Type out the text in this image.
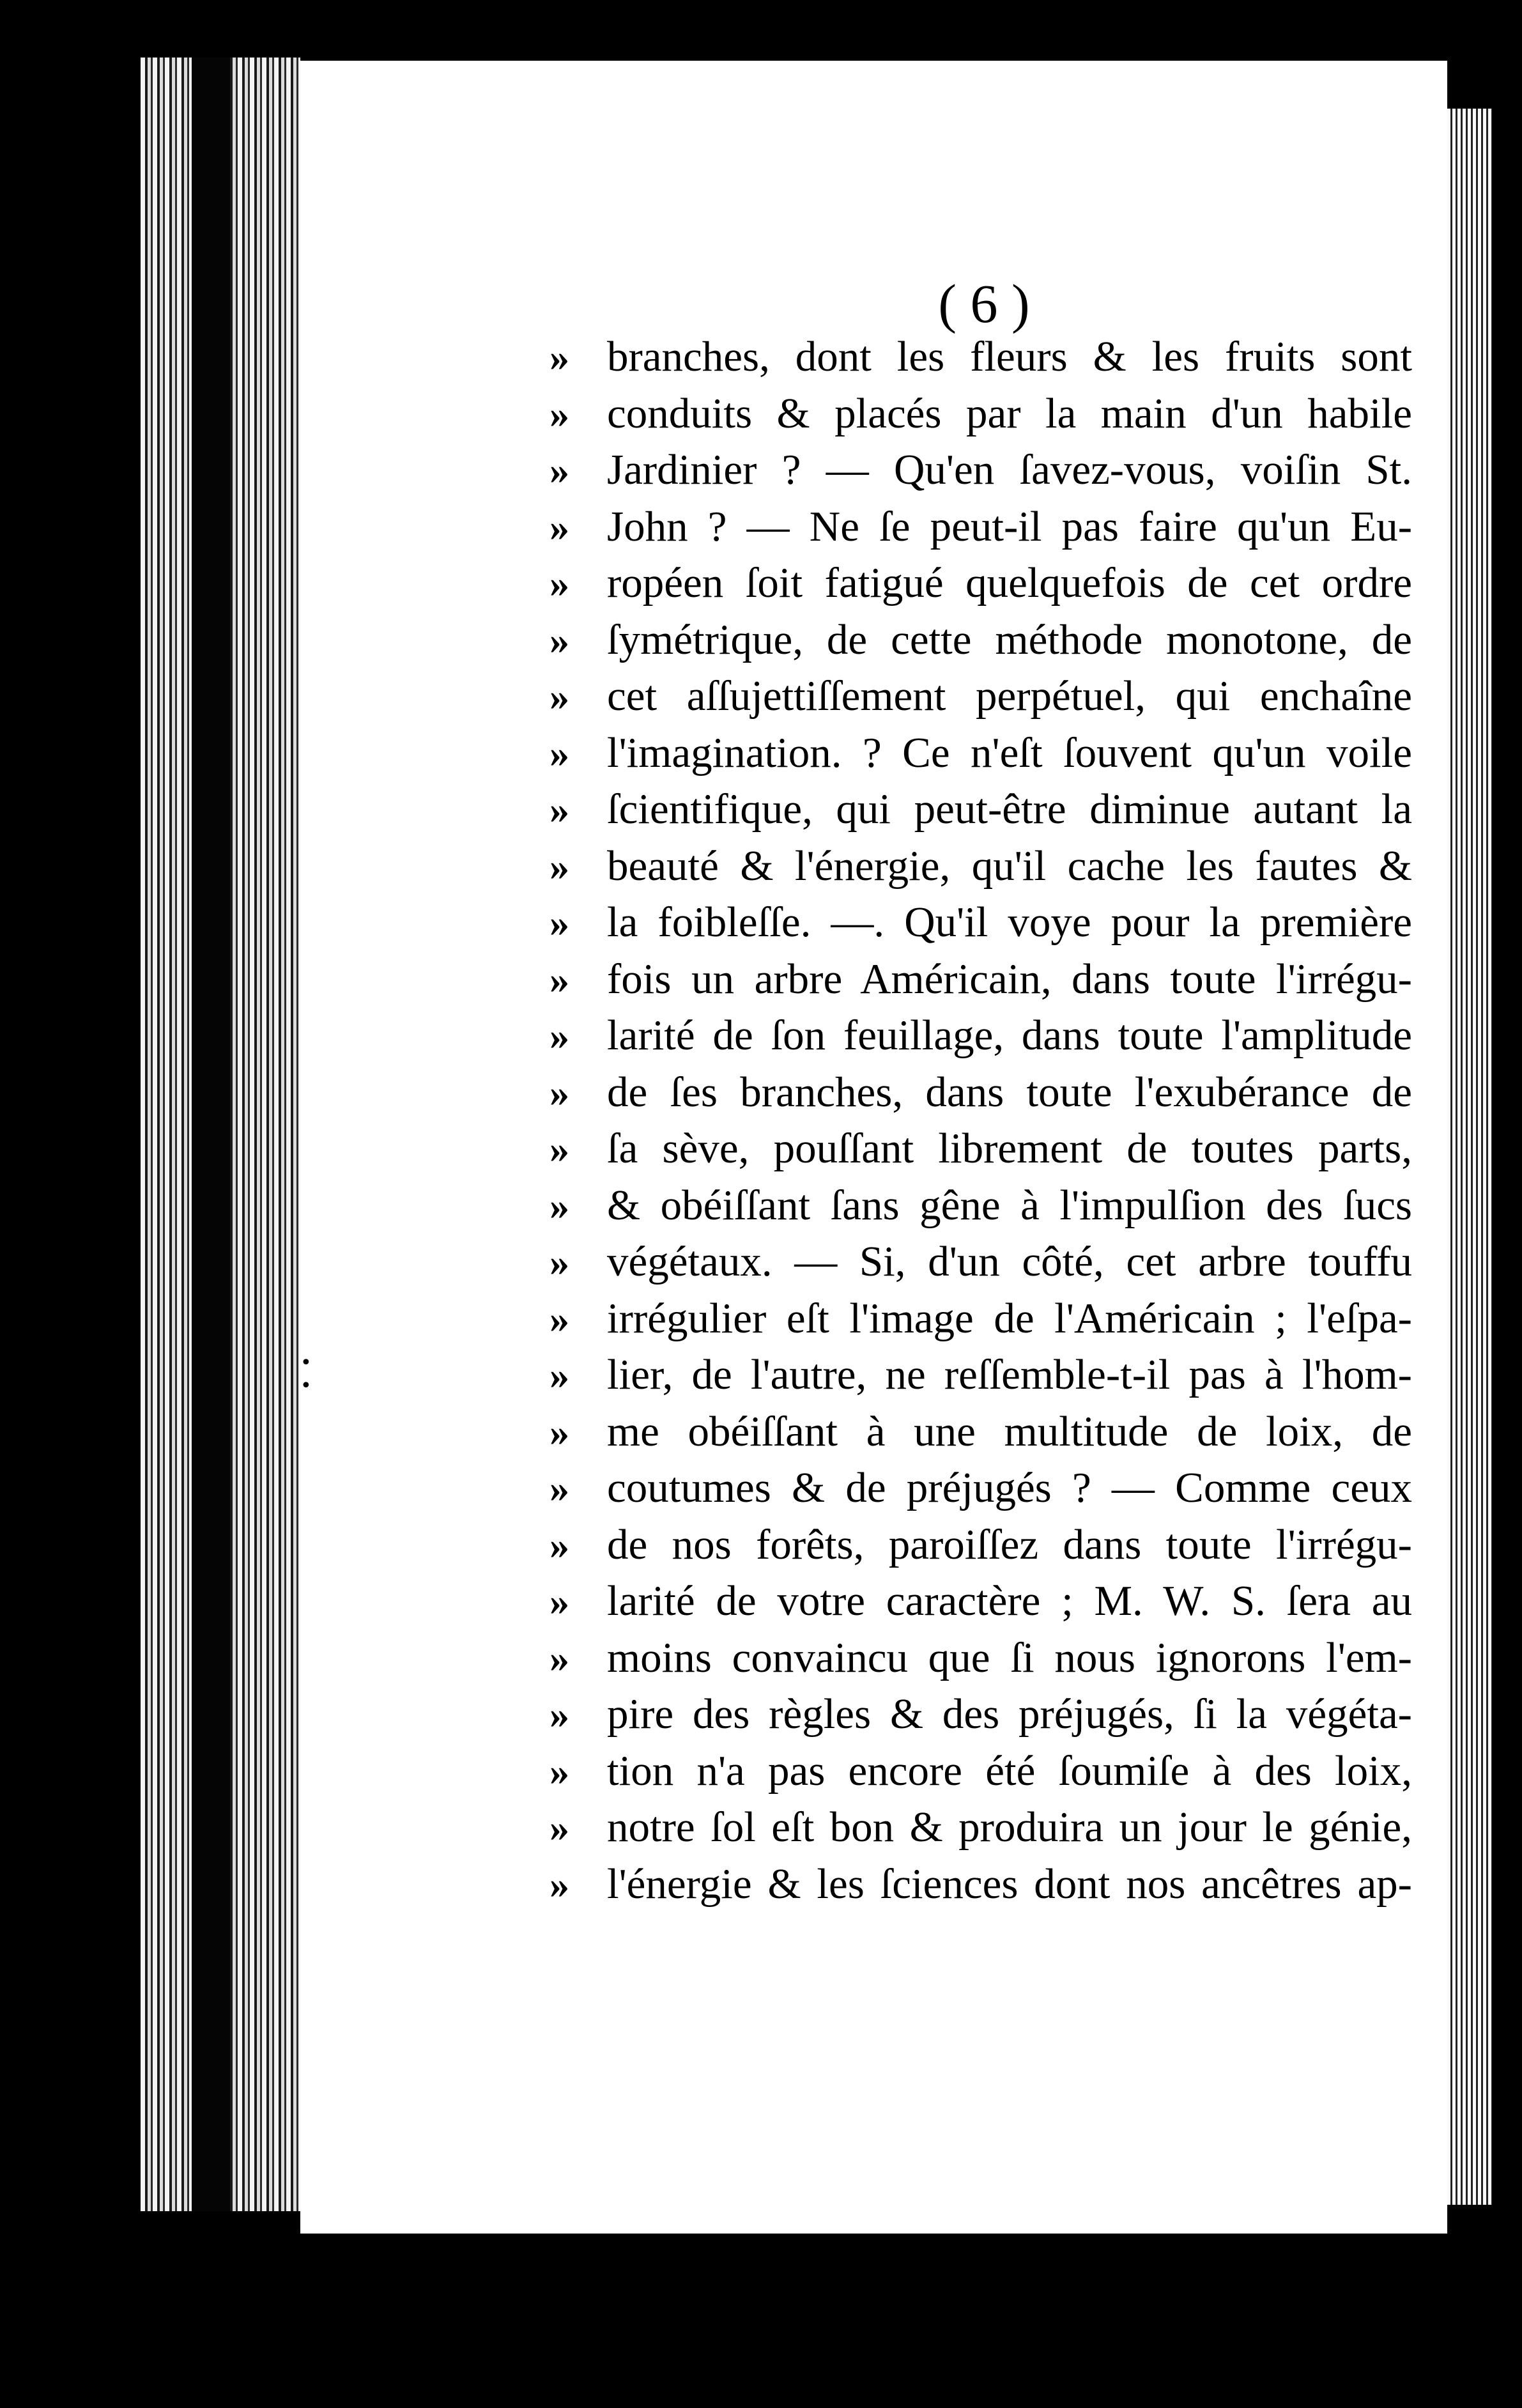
• •

( 6 )

» branches, dont les fleurs & les fruits sont
» conduits & placés par la main d'un habile
» Jardinier ? — Qu'en ſavez-vous, voiſin St.
» John ? — Ne ſe peut-il pas faire qu'un Eu-
» ropéen ſoit fatigué quelquefois de cet ordre
» ſymétrique, de cette méthode monotone, de
» cet aſſujettiſſement perpétuel, qui enchaîne
» l'imagination. ? Ce n'eſt ſouvent qu'un voile
» ſcientifique, qui peut-être diminue autant la
» beauté & l'énergie, qu'il cache les fautes &
» la foibleſſe. —. Qu'il voye pour la première
» fois un arbre Américain, dans toute l'irrégu-
» larité de ſon feuillage, dans toute l'amplitude
» de ſes branches, dans toute l'exubérance de
» ſa sève, pouſſant librement de toutes parts,
» & obéiſſant ſans gêne à l'impulſion des ſucs
» végétaux. — Si, d'un côté, cet arbre touffu
» irrégulier eſt l'image de l'Américain ; l'eſpa-
» lier, de l'autre, ne reſſemble-t-il pas à l'hom-
» me obéiſſant à une multitude de loix, de
» coutumes & de préjugés ? — Comme ceux
» de nos forêts, paroiſſez dans toute l'irrégu-
» larité de votre caractère ; M. W. S. ſera au
» moins convaincu que ſi nous ignorons l'em-
» pire des règles & des préjugés, ſi la végéta-
» tion n'a pas encore été ſoumiſe à des loix,
» notre ſol eſt bon & produira un jour le génie,
» l'énergie & les ſciences dont nos ancêtres ap-
